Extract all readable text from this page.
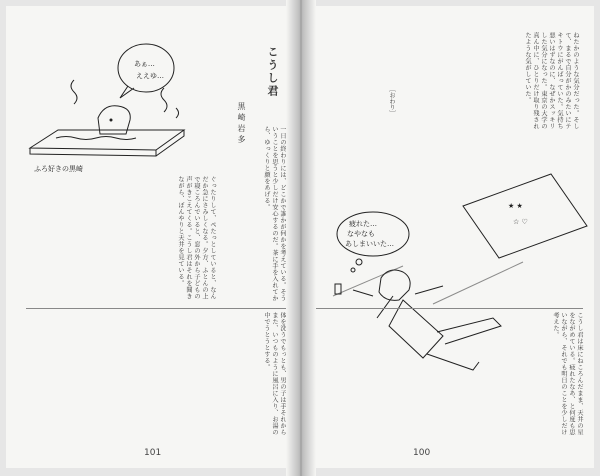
あぁ…
ええゆ…
ふろ好きの黒崎
こうし君
黒崎岩多
ぐったりして、ぺたっとしていると、なんだか急にさみしくなる。夕方、ふとんの上で寝ころんでいると、窓の外から子どもの声がきこえてくる。こうし君はそれを聞きながら、ぼんやりと天井を見ている。	一日の終わりには、どこかで誰かが何かを考えている。そういうことを思うと少しだけ安心するのだ。茶に手を入れてから、ゆっくりと顔をあげる。
体を洗うでもっとも、男の子は手それからまた、いつものように風呂に入り、お湯の中でうとうとする。
101
ねたかのような気分だった。そして、まるで自分がかのみたいにテキトウにがんばっていた。気持ち悪いはずなのに、なぜかスッキリした気分になった。東京の大学の真ん中に、ひとりだけ取り残されたような気がしていた。
［おわり］
★ ★
☆ ♡
疲れた…
なやなも
あしまいいた…
こうし君は床にねころんだまま、天井の星をながめている。疲れたなあ、と何度も思いながら、それでも明日のことを少しだけ考えた。
100
